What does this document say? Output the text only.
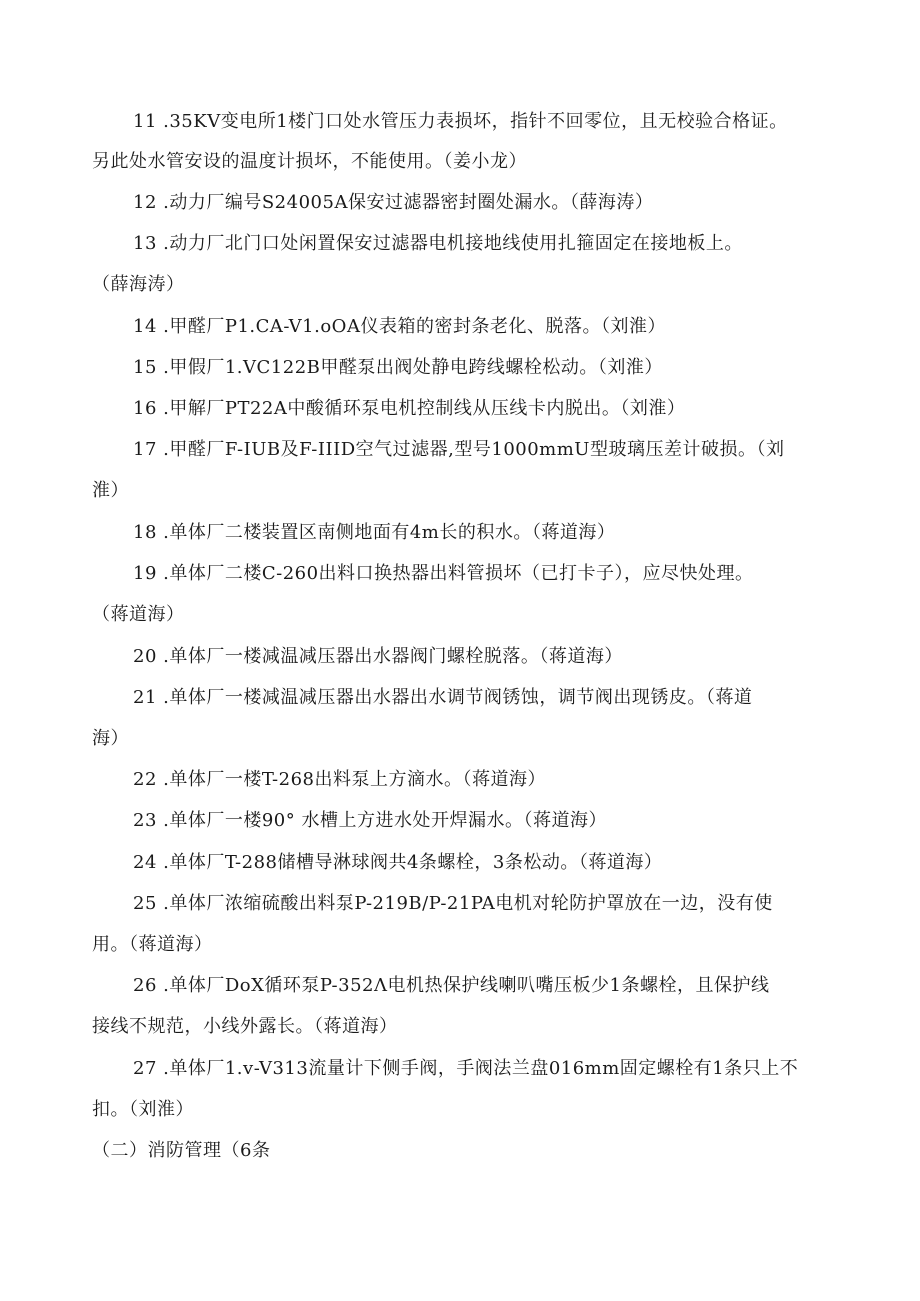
11 .35KV变电所1楼门口处水管压力表损坏，指针不回零位，且无校验合格证。
另此处水管安设的温度计损坏，不能使用。（姜小龙）
12 .动力厂编号S24005A保安过滤器密封圈处漏水。（薛海涛）
13 .动力厂北门口处闲置保安过滤器电机接地线使用扎箍固定在接地板上。
（薛海涛）
14 .甲醛厂P1.CA-V1.oOA仪表箱的密封条老化、脱落。（刘淮）
15 .甲假厂1.VC122B甲醛泵出阀处静电跨线螺栓松动。（刘淮）
16 .甲解厂PT22A中酸循环泵电机控制线从压线卡内脱出。（刘淮）
17 .甲醛厂F-IUB及F-IIID空气过滤器,型号1000mmU型玻璃压差计破损。（刘
淮）
18 .单体厂二楼装置区南侧地面有4m长的积水。（蒋道海）
19 .单体厂二楼C-260出料口换热器出料管损坏（已打卡子），应尽快处理。
（蒋道海）
20 .单体厂一楼减温减压器出水器阀门螺栓脱落。（蒋道海）
21 .单体厂一楼减温减压器出水器出水调节阀锈蚀，调节阀出现锈皮。（蒋道
海）
22 .单体厂一楼T-268出料泵上方滴水。（蒋道海）
23 .单体厂一楼90° 水槽上方进水处开焊漏水。（蒋道海）
24 .单体厂T-288储槽导淋球阀共4条螺栓，3条松动。（蒋道海）
25 .单体厂浓缩硫酸出料泵P-219B/P-21PA电机对轮防护罩放在一边，没有使
用。（蒋道海）
26 .单体厂DoX循环泵P-352Λ电机热保护线喇叭嘴压板少1条螺栓，且保护线
接线不规范，小线外露长。（蒋道海）
27 .单体厂1.v-V313流量计下侧手阀，手阀法兰盘016mm固定螺栓有1条只上不
扣。（刘淮）
（二）消防管理（6条
